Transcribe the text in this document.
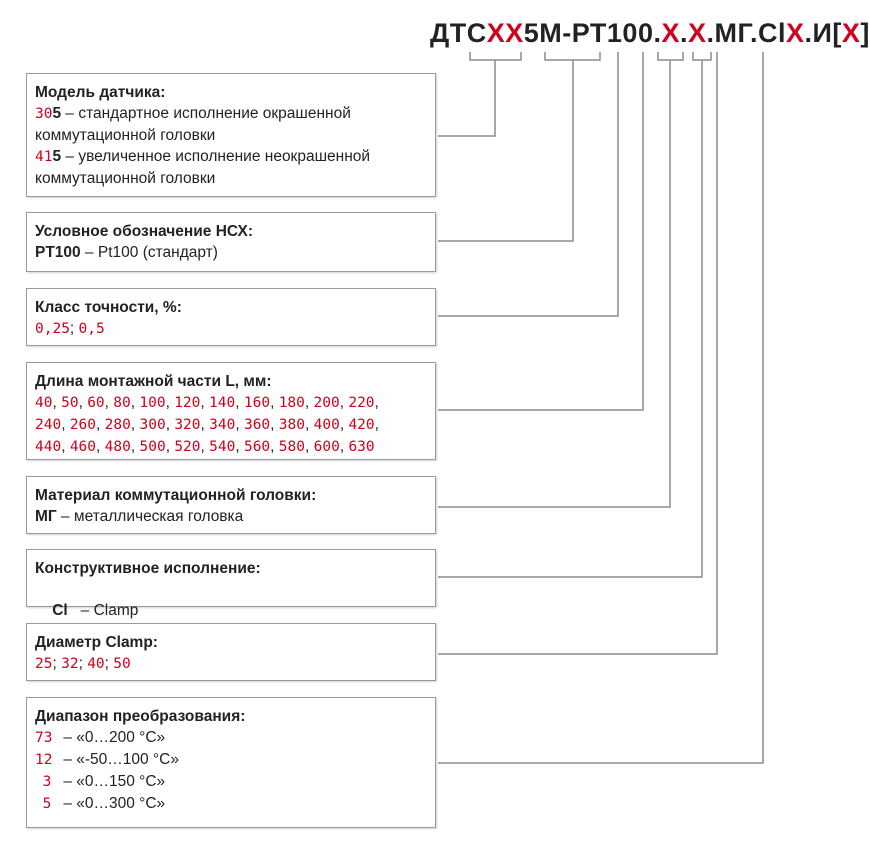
ДТСXX5М-РТ100.X.X.МГ.ClX.И[X]
Модель датчика:
305 – стандартное исполнение окрашенной коммутационной головки
415 – увеличенное исполнение неокрашенной коммутационной головки
Условное обозначение НСХ:
PT100 – Pt100 (стандарт)
Класс точности, %:
0,25; 0,5
Длина монтажной части L, мм:
40, 50, 60, 80, 100, 120, 140, 160, 180, 200, 220,
240, 260, 280, 300, 320, 340, 360, 380, 400, 420,
440, 460, 480, 500, 520, 540, 560, 580, 600, 630
Материал коммутационной головки:
МГ – металлическая головка
Конструктивное исполнение:

Cl   – Clamp

Диаметр Clamp:
25; 32; 40; 50
Диапазон преобразования:
73 – «0…200 °С»
12 – «-50…100 °С»
3 – «0…150 °С»
5 – «0…300 °С»
